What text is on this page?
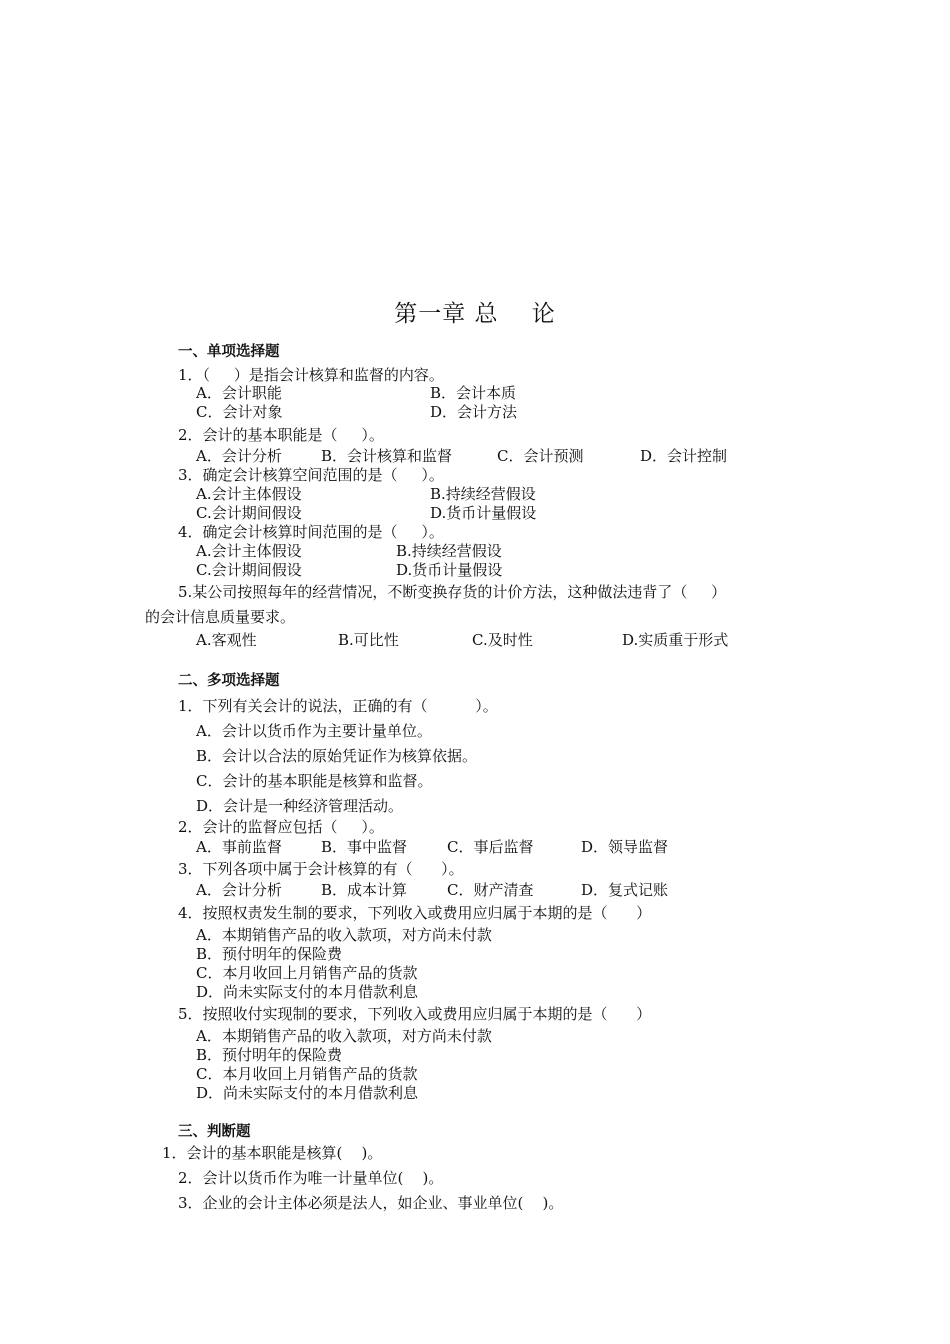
第一章 总    论
一、单项选择题
1．（     ）是指会计核算和监督的内容。
A．会计职能	B．会计本质
C．会计对象	D．会计方法
2．会计的基本职能是（     ）。
A．会计分析	B．会计核算和监督	C．会计预测	D．会计控制
3．确定会计核算空间范围的是（     ）。
A.会计主体假设	B.持续经营假设
C.会计期间假设	D.货币计量假设
4．确定会计核算时间范围的是（     ）。
A.会计主体假设	B.持续经营假设
C.会计期间假设	D.货币计量假设
5.某公司按照每年的经营情况，不断变换存货的计价方法，这种做法违背了（     ）
的会计信息质量要求。
A.客观性	B.可比性	C.及时性	D.实质重于形式
二、多项选择题
1．下列有关会计的说法，正确的有（          ）。
A．会计以货币作为主要计量单位。
B．会计以合法的原始凭证作为核算依据。
C．会计的基本职能是核算和监督。
D．会计是一种经济管理活动。
2．会计的监督应包括（     ）。
A．事前监督	B．事中监督	C．事后监督	D．领导监督
3．下列各项中属于会计核算的有（      ）。
A．会计分析	B．成本计算	C．财产清查	D．复式记账
4．按照权责发生制的要求，下列收入或费用应归属于本期的是（      ）
A．本期销售产品的收入款项，对方尚未付款
B．预付明年的保险费
C．本月收回上月销售产品的货款
D．尚未实际支付的本月借款利息
5．按照收付实现制的要求，下列收入或费用应归属于本期的是（      ）
A．本期销售产品的收入款项，对方尚未付款
B．预付明年的保险费
C．本月收回上月销售产品的货款
D．尚未实际支付的本月借款利息
三、判断题
1．会计的基本职能是核算(    )。
2．会计以货币作为唯一计量单位(    )。
3．企业的会计主体必须是法人，如企业、事业单位(    )。
